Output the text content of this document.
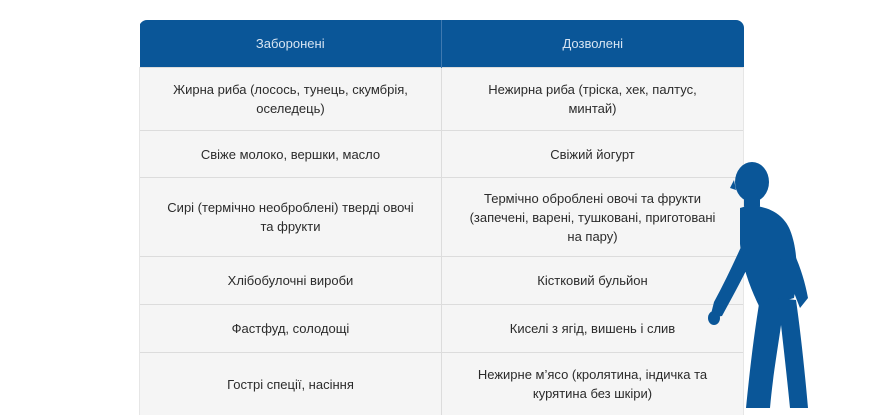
Заборонені	Дозволені
Жирна риба (лосось, тунець, скумбрія, оселедець)	Нежирна риба (тріска, хек, палтус, минтай)
Свіже молоко, вершки, масло	Свіжий йогурт
Сирі (термічно необроблені) тверді овочі та фрукти	Термічно оброблені овочі та фрукти (запечені, варені, тушковані, приготовані на пару)
Хлібобулочні вироби	Кістковий бульйон
Фастфуд, солодощі	Киселі з ягід, вишень і слив
Гострі спеції, насіння	Нежирне м’ясо (кролятина, індичка та курятина без шкіри)
